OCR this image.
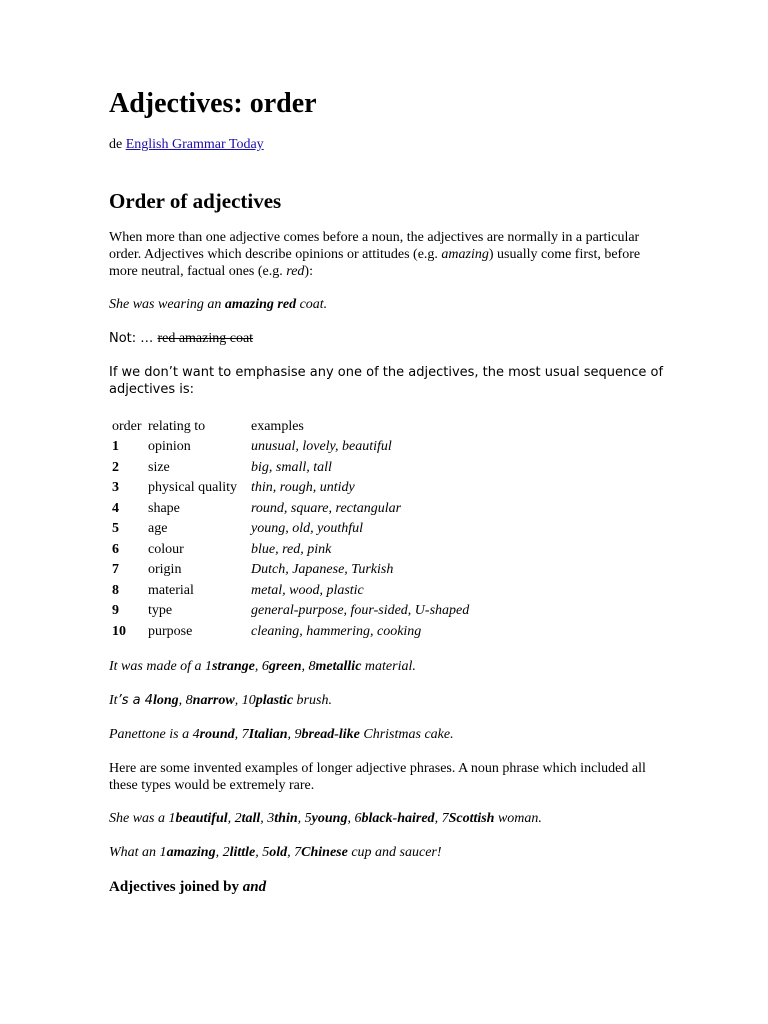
Adjectives: order
de English Grammar Today
Order of adjectives

When more than one adjective comes before a noun, the adjectives are normally in a particular order. Adjectives which describe opinions or attitudes (e.g. amazing) usually come first, before more neutral, factual ones (e.g. red):

She was wearing an amazing red coat.
Not: … red amazing coat

If we don’t want to emphasise any one of the adjectives, the most usual sequence of adjectives is:

order	relating to	examples
1	opinion	unusual, lovely, beautiful
2	size	big, small, tall
3	physical quality	thin, rough, untidy
4	shape	round, square, rectangular
5	age	young, old, youthful
6	colour	blue, red, pink
7	origin	Dutch, Japanese, Turkish
8	material	metal, wood, plastic
9	type	general-purpose, four-sided, U-shaped
10	purpose	cleaning, hammering, cooking
It was made of a 1strange, 6green, 8metallic material.
It’s a 4long, 8narrow, 10plastic brush.
Panettone is a 4round, 7Italian, 9bread-like Christmas cake.

Here are some invented examples of longer adjective phrases. A noun phrase which included all these types would be extremely rare.

She was a 1beautiful, 2tall, 3thin, 5young, 6black-haired, 7Scottish woman.
What an 1amazing, 2little, 5old, 7Chinese cup and saucer!
Adjectives joined by and
